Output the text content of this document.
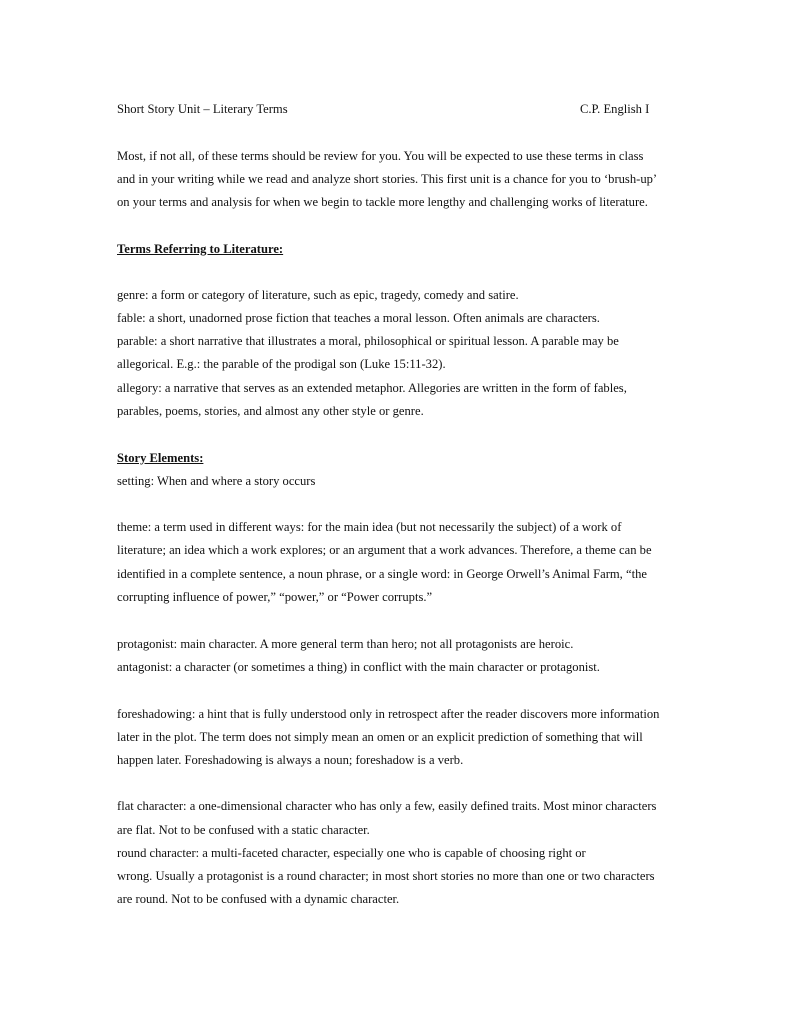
Short Story Unit – Literary Terms	C.P. English I
Most, if not all, of these terms should be review for you. You will be expected to use these terms in class
and in your writing while we read and analyze short stories. This first unit is a chance for you to ‘brush-up’
on your terms and analysis for when we begin to tackle more lengthy and challenging works of literature.
Terms Referring to Literature:
genre: a form or category of literature, such as epic, tragedy, comedy and satire.
fable: a short, unadorned prose fiction that teaches a moral lesson. Often animals are characters.
parable: a short narrative that illustrates a moral, philosophical or spiritual lesson. A parable may be
allegorical. E.g.: the parable of the prodigal son (Luke 15:11-32).
allegory: a narrative that serves as an extended metaphor. Allegories are written in the form of fables,
parables, poems, stories, and almost any other style or genre.
Story Elements:
setting: When and where a story occurs
theme: a term used in different ways: for the main idea (but not necessarily the subject) of a work of
literature; an idea which a work explores; or an argument that a work advances. Therefore, a theme can be
identified in a complete sentence, a noun phrase, or a single word: in George Orwell’s Animal Farm, “the
corrupting influence of power,” “power,” or “Power corrupts.”
protagonist: main character. A more general term than hero; not all protagonists are heroic.
antagonist: a character (or sometimes a thing) in conflict with the main character or protagonist.
foreshadowing: a hint that is fully understood only in retrospect after the reader discovers more information
later in the plot. The term does not simply mean an omen or an explicit prediction of something that will
happen later. Foreshadowing is always a noun; foreshadow is a verb.
flat character: a one-dimensional character who has only a few, easily defined traits. Most minor characters
are flat. Not to be confused with a static character.
round character: a multi-faceted character, especially one who is capable of choosing right or
wrong. Usually a protagonist is a round character; in most short stories no more than one or two characters
are round. Not to be confused with a dynamic character.
